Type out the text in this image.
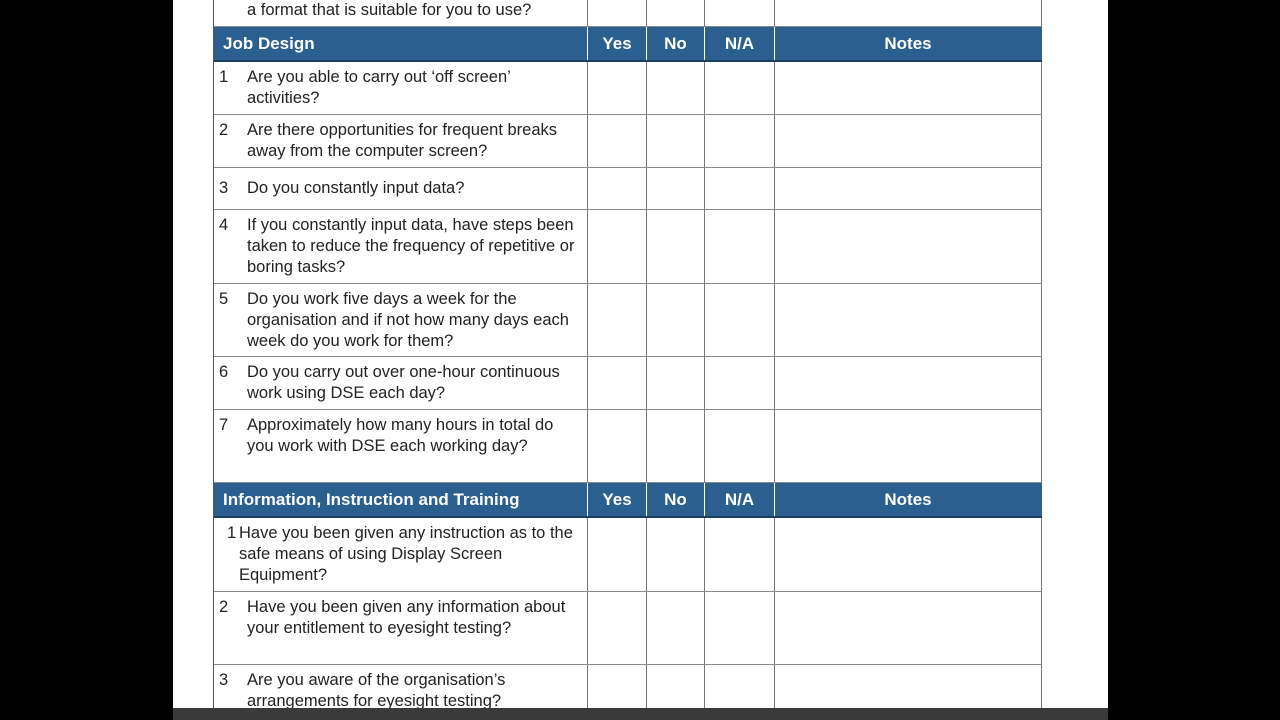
a format that is suitable for you to use?
Job Design	Yes	No	N/A	Notes
1	Are you able to carry out ‘off screen’ activities?
2	Are there opportunities for frequent breaks away from the computer screen?
3	Do you constantly input data?
4	If you constantly input data, have steps been taken to reduce the frequency of repetitive or boring tasks?
5	Do you work five days a week for the organisation and if not how many days each week do you work for them?
6	Do you carry out over one-hour continuous work using DSE each day?
7	Approximately how many hours in total do you work with DSE each working day?
Information, Instruction and Training	Yes	No	N/A	Notes
1 Have you been given any instruction as to the safe means of using Display Screen Equipment?
2	Have you been given any information about your entitlement to eyesight testing?
3	Are you aware of the organisation’s arrangements for eyesight testing?
